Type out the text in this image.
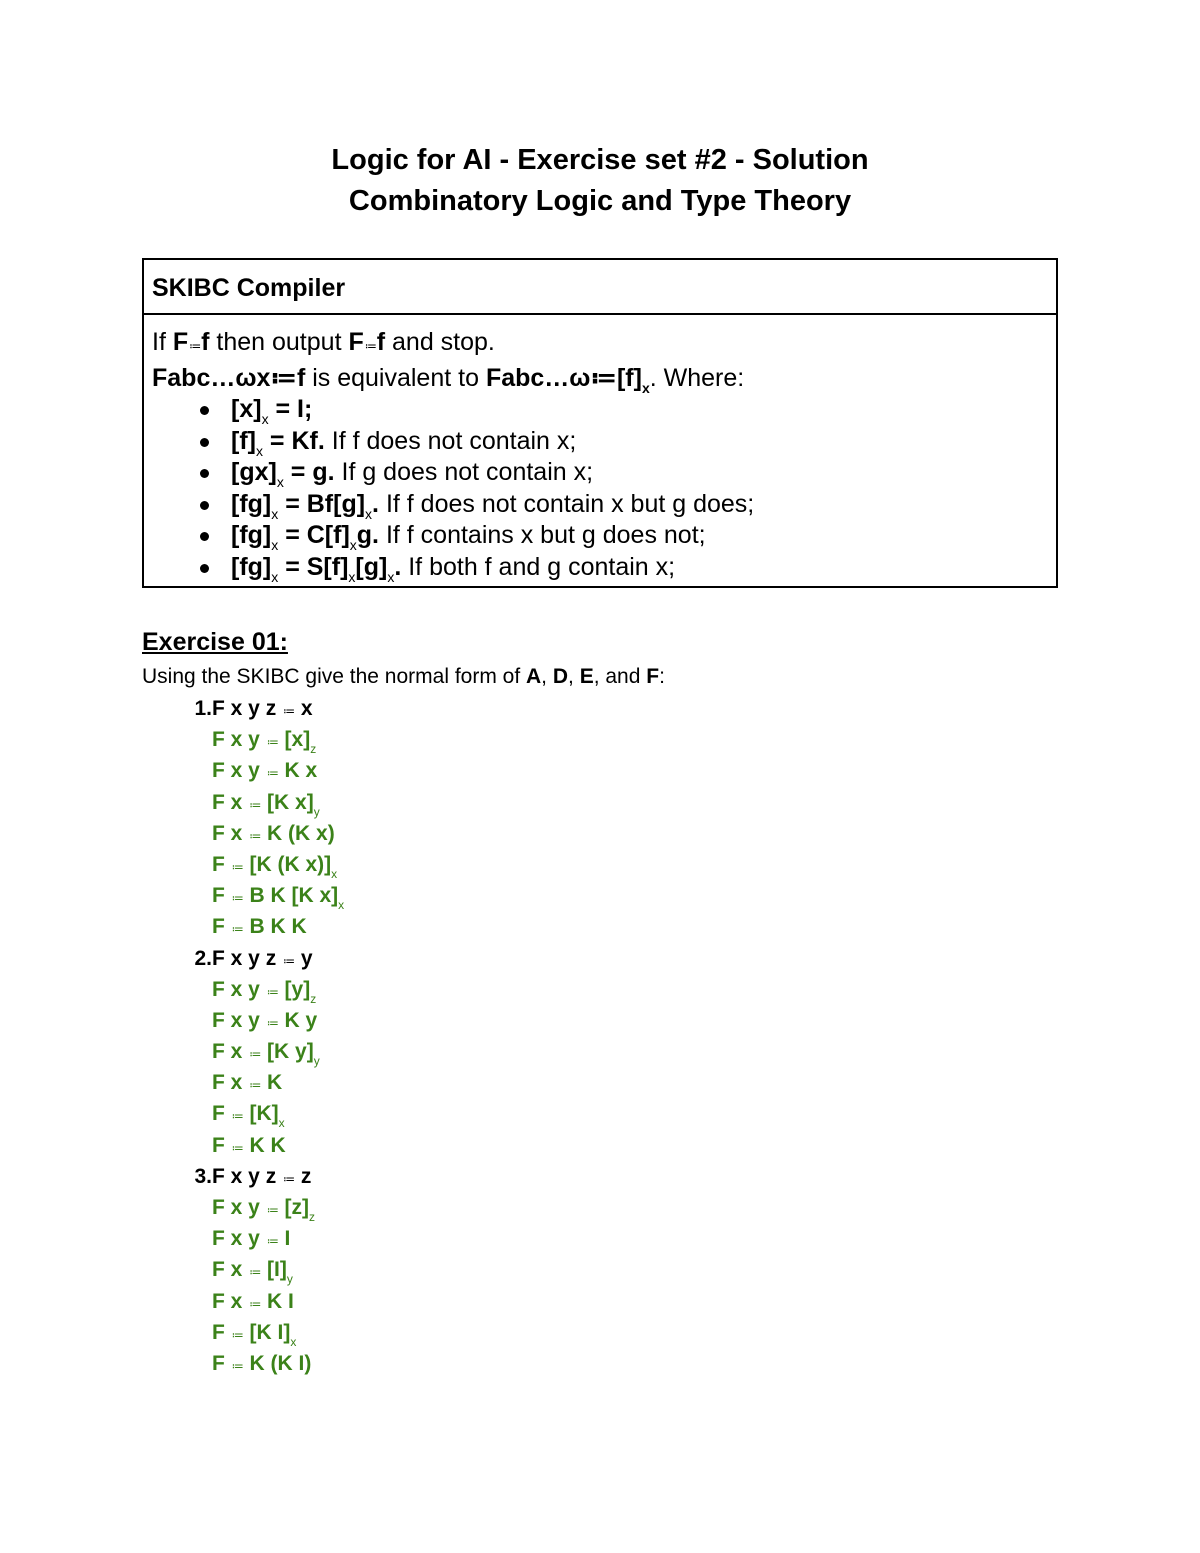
Logic for AI - Exercise set #2 - Solution
Combinatory Logic and Type Theory
SKIBC Compiler
If F≔f then output F≔f and stop.
Fabc…ωx≔f is equivalent to $Fabc\dots\omega≔[f]_x$. Where:
$[x]_x = I$;
$[f]_x = Kf$. If f does not contain x;
$[gx]_x = g$. If g does not contain x;
$[fg]_x = Bf[g]_x$. If f does not contain x but g does;
$[fg]_x = C[f]_xg$. If f contains x but g does not;
$[fg]_x = S[f]_x[g]_x$. If both f and g contain x;
Exercise 01:
Using the SKIBC give the normal form of A, D, E, and F:
1. F x y z ≔ x
F x y ≔ $[x]_z$
F x y ≔ K x
F x ≔ [K $x]_y$
F x ≔ K (K x)
F ≔ [K (K $x)]_x$
F ≔ B K [K $x]_x$
F ≔ B K K
2. F x y z ≔ y
F x y ≔ $[y]_z$
F x y ≔ K y
F x ≔ [K $y]_y$
F x ≔ K
F ≔ $[K]_x$
F ≔ K K
3. F x y z ≔ z
F x y ≔ $[z]_z$
F x y ≔ I
F x ≔ $[I]_y$
F x ≔ K I
F ≔ [K $I]_x$
F ≔ K (K I)
